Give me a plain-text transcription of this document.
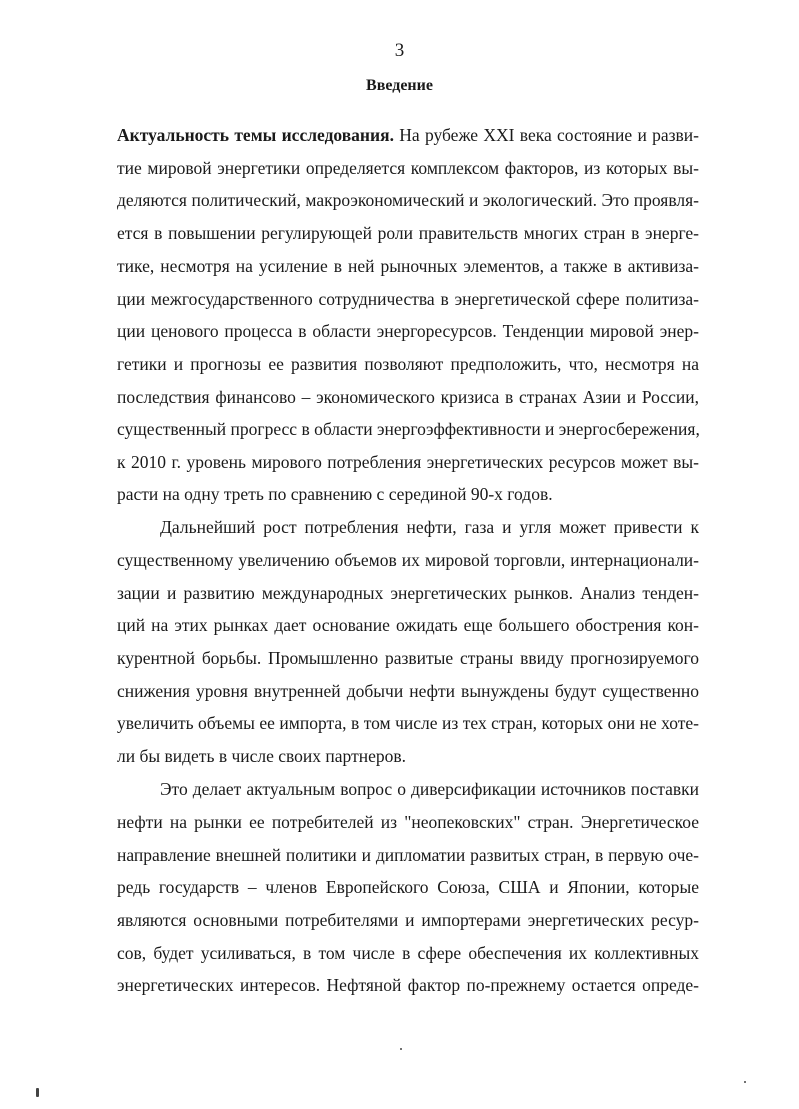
3
Введение
Актуальность темы исследования. На рубеже XXI века состояние и разви-
тие мировой энергетики определяется комплексом факторов, из которых вы-
деляются политический, макроэкономический и экологический. Это проявля-
ется в повышении регулирующей роли правительств многих стран в энерге-
тике, несмотря на усиление в ней рыночных элементов, а также в активиза-
ции межгосударственного сотрудничества в энергетической сфере политиза-
ции ценового процесса в области энергоресурсов. Тенденции мировой энер-
гетики и прогнозы ее развития позволяют предположить, что, несмотря на
последствия финансово – экономического кризиса в странах Азии и России,
существенный прогресс в области энергоэффективности и энергосбережения,
к 2010 г. уровень мирового потребления энергетических ресурсов может вы-
расти на одну треть по сравнению с серединой 90-х годов.
Дальнейший рост потребления нефти, газа и угля может привести к
существенному увеличению объемов их мировой торговли, интернационали-
зации и развитию международных энергетических рынков. Анализ тенден-
ций на этих рынках дает основание ожидать еще большего обострения кон-
курентной борьбы. Промышленно развитые страны ввиду прогнозируемого
снижения уровня внутренней добычи нефти вынуждены будут существенно
увеличить объемы ее импорта, в том числе из тех стран, которых они не хоте-
ли бы видеть в числе своих партнеров.
Это делает актуальным вопрос о диверсификации источников поставки
нефти на рынки ее потребителей из "неопековских" стран. Энергетическое
направление внешней политики и дипломатии развитых стран, в первую оче-
редь государств – членов Европейского Союза, США и Японии, которые
являются основными потребителями и импортерами энергетических ресур-
сов, будет усиливаться, в том числе в сфере обеспечения их коллективных
энергетических интересов. Нефтяной фактор по-прежнему остается опреде-
